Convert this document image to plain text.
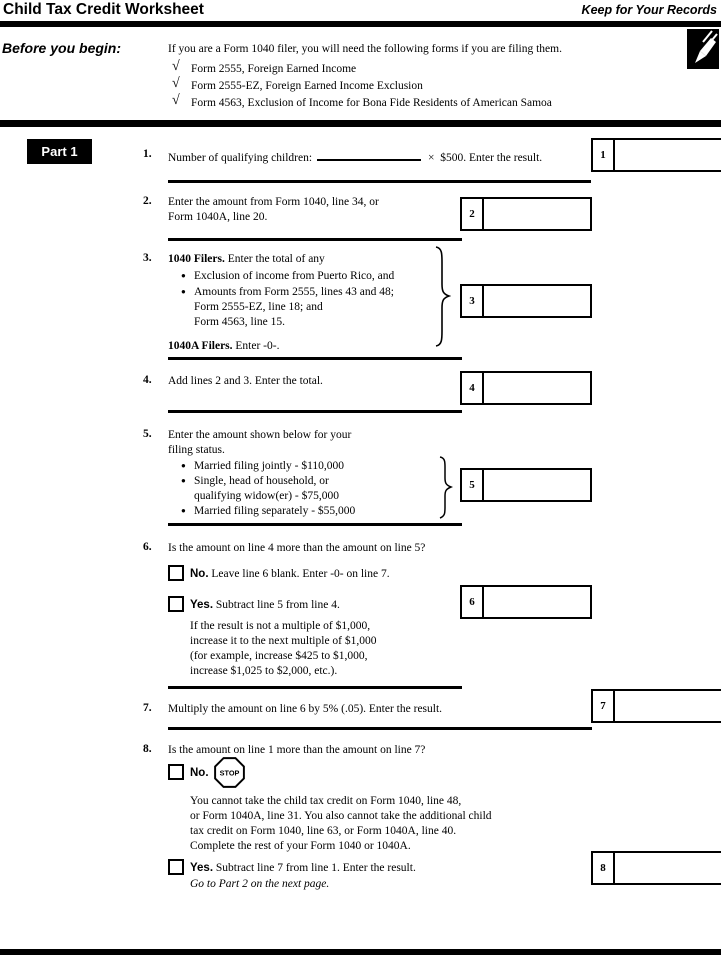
Child Tax Credit Worksheet	Keep for Your Records
Before you begin:	If you are a Form 1040 filer, you will need the following forms if you are filing them.
√ Form 2555, Foreign Earned Income
√ Form 2555-EZ, Foreign Earned Income Exclusion
√ Form 4563, Exclusion of Income for Bona Fide Residents of American Samoa
Part 1	1. Number of qualifying children:	× $500. Enter the result.	1
2. Enter the amount from Form 1040, line 34, or
Form 1040A, line 20.	2
3. 1040 Filers. Enter the total of any
● Exclusion of income from Puerto Rico, and
● Amounts from Form 2555, lines 43 and 48;
Form 2555-EZ, line 18; and
Form 4563, line 15.
1040A Filers. Enter -0-.
3
4. Add lines 2 and 3. Enter the total.
4
5. Enter the amount shown below for your
filing status.
● Married filing jointly - $110,000
● Single, head of household, or
qualifying widow(er) - $75,000
● Married filing separately - $55,000
5
6. Is the amount on line 4 more than the amount on line 5?
No. Leave line 6 blank. Enter -0- on line 7.
Yes. Subtract line 5 from line 4.
If the result is not a multiple of $1,000,
increase it to the next multiple of $1,000
(for example, increase $425 to $1,000,
increase $1,025 to $2,000, etc.).
6
7. Multiply the amount on line 6 by 5% (.05). Enter the result.	7
8. Is the amount on line 1 more than the amount on line 7?
No. STOP
You cannot take the child tax credit on Form 1040, line 48,
or Form 1040A, line 31. You also cannot take the additional child
tax credit on Form 1040, line 63, or Form 1040A, line 40.
Complete the rest of your Form 1040 or 1040A.
Yes. Subtract line 7 from line 1. Enter the result.
Go to Part 2 on the next page.
8
